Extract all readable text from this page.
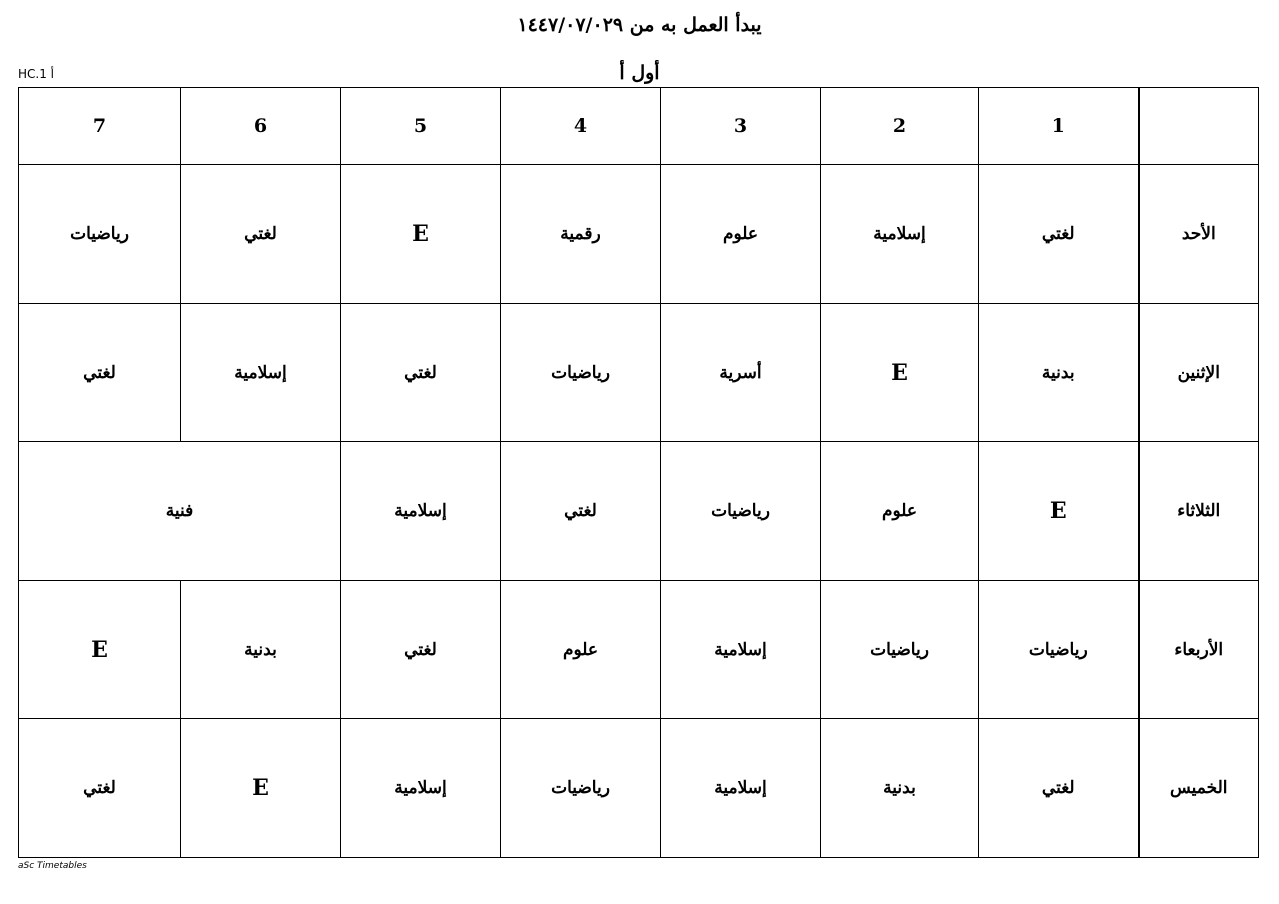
يبدأ العمل به من ١٤٤٧/٠٧/٠٢٩
HC.1 أ	أول أ
	1	2	3	4	5	6	7
الأحد	لغتي	إسلامية	علوم	رقمية	E	لغتي	رياضيات
الإثنين	بدنية	E	أسرية	رياضيات	لغتي	إسلامية	لغتي
الثلاثاء	E	علوم	رياضيات	لغتي	إسلامية	فنية	
الأربعاء	رياضيات	رياضيات	إسلامية	علوم	لغتي	بدنية	E
الخميس	لغتي	بدنية	إسلامية	رياضيات	إسلامية	E	لغتي
aSc Timetables
